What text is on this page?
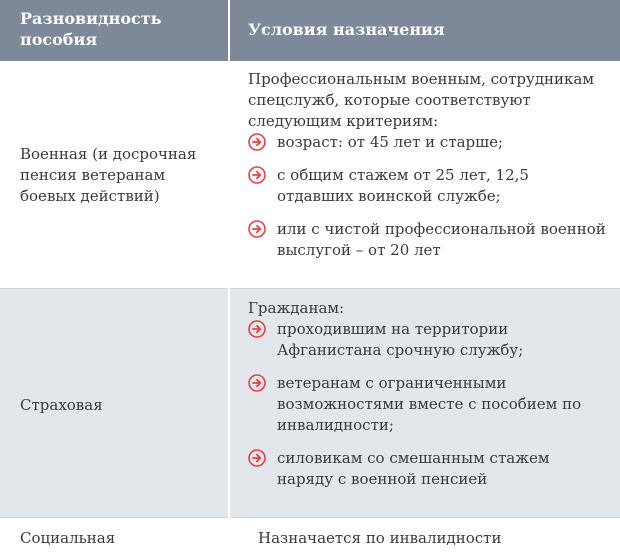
Разновидность пособия
Условия назначения
Военная (и досрочная пенсия ветеранам боевых действий)

Профессиональным военным, сотрудникам спецслужб, которые соответствуют следующим критериям:

возраст: от 45 лет и старше;

с общим стажем от 25 лет, 12,5 отдавших воинской службе;

или с чистой профессиональной военной выслугой – от 20 лет

Страховая

Гражданам:

проходившим на территории Афганистана срочную службу;

ветеранам с ограниченными возможностями вместе с пособием по инвалидности;

силовикам со смешанным стажем наряду с военной пенсией

Социальная	Назначается по инвалидности
